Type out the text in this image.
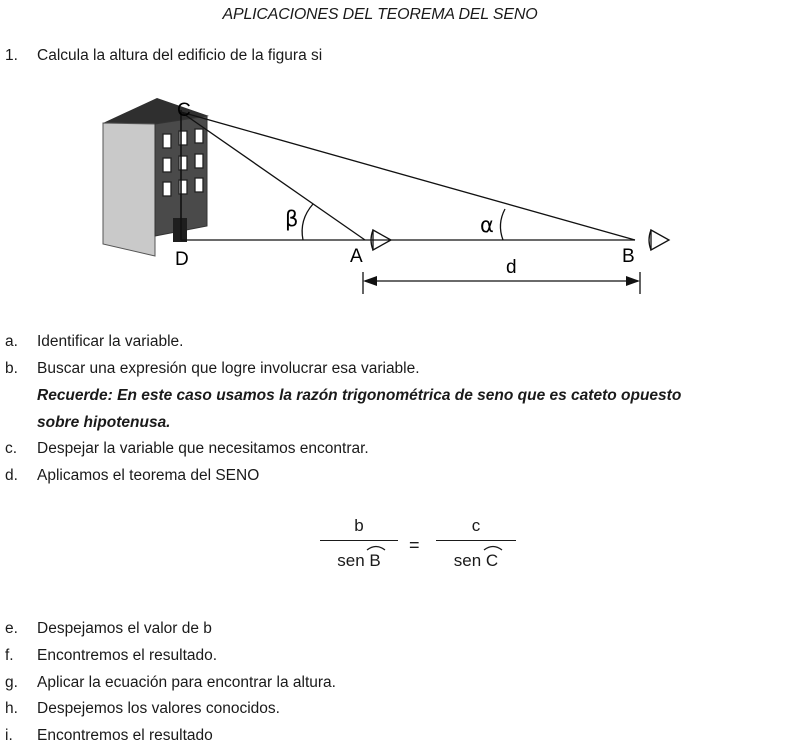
APLICACIONES DEL TEOREMA DEL SENO
1. Calcula la altura del edificio de la figura si
C
D	A	B
d
β	α
a. Identificar la variable.
b. Buscar una expresión que logre involucrar esa variable.
Recuerde: En este caso usamos la razón trigonométrica de seno que es cateto opuesto
sobre hipotenusa.
c. Despejar la variable que necesitamos encontrar.
d. Aplicamos el teorema del SENO
b
sen
B
=
c
sen
C
e. Despejamos el valor de b
f. Encontremos el resultado.
g. Aplicar la ecuación para encontrar la altura.
h. Despejemos los valores conocidos.
i. Encontremos el resultado
